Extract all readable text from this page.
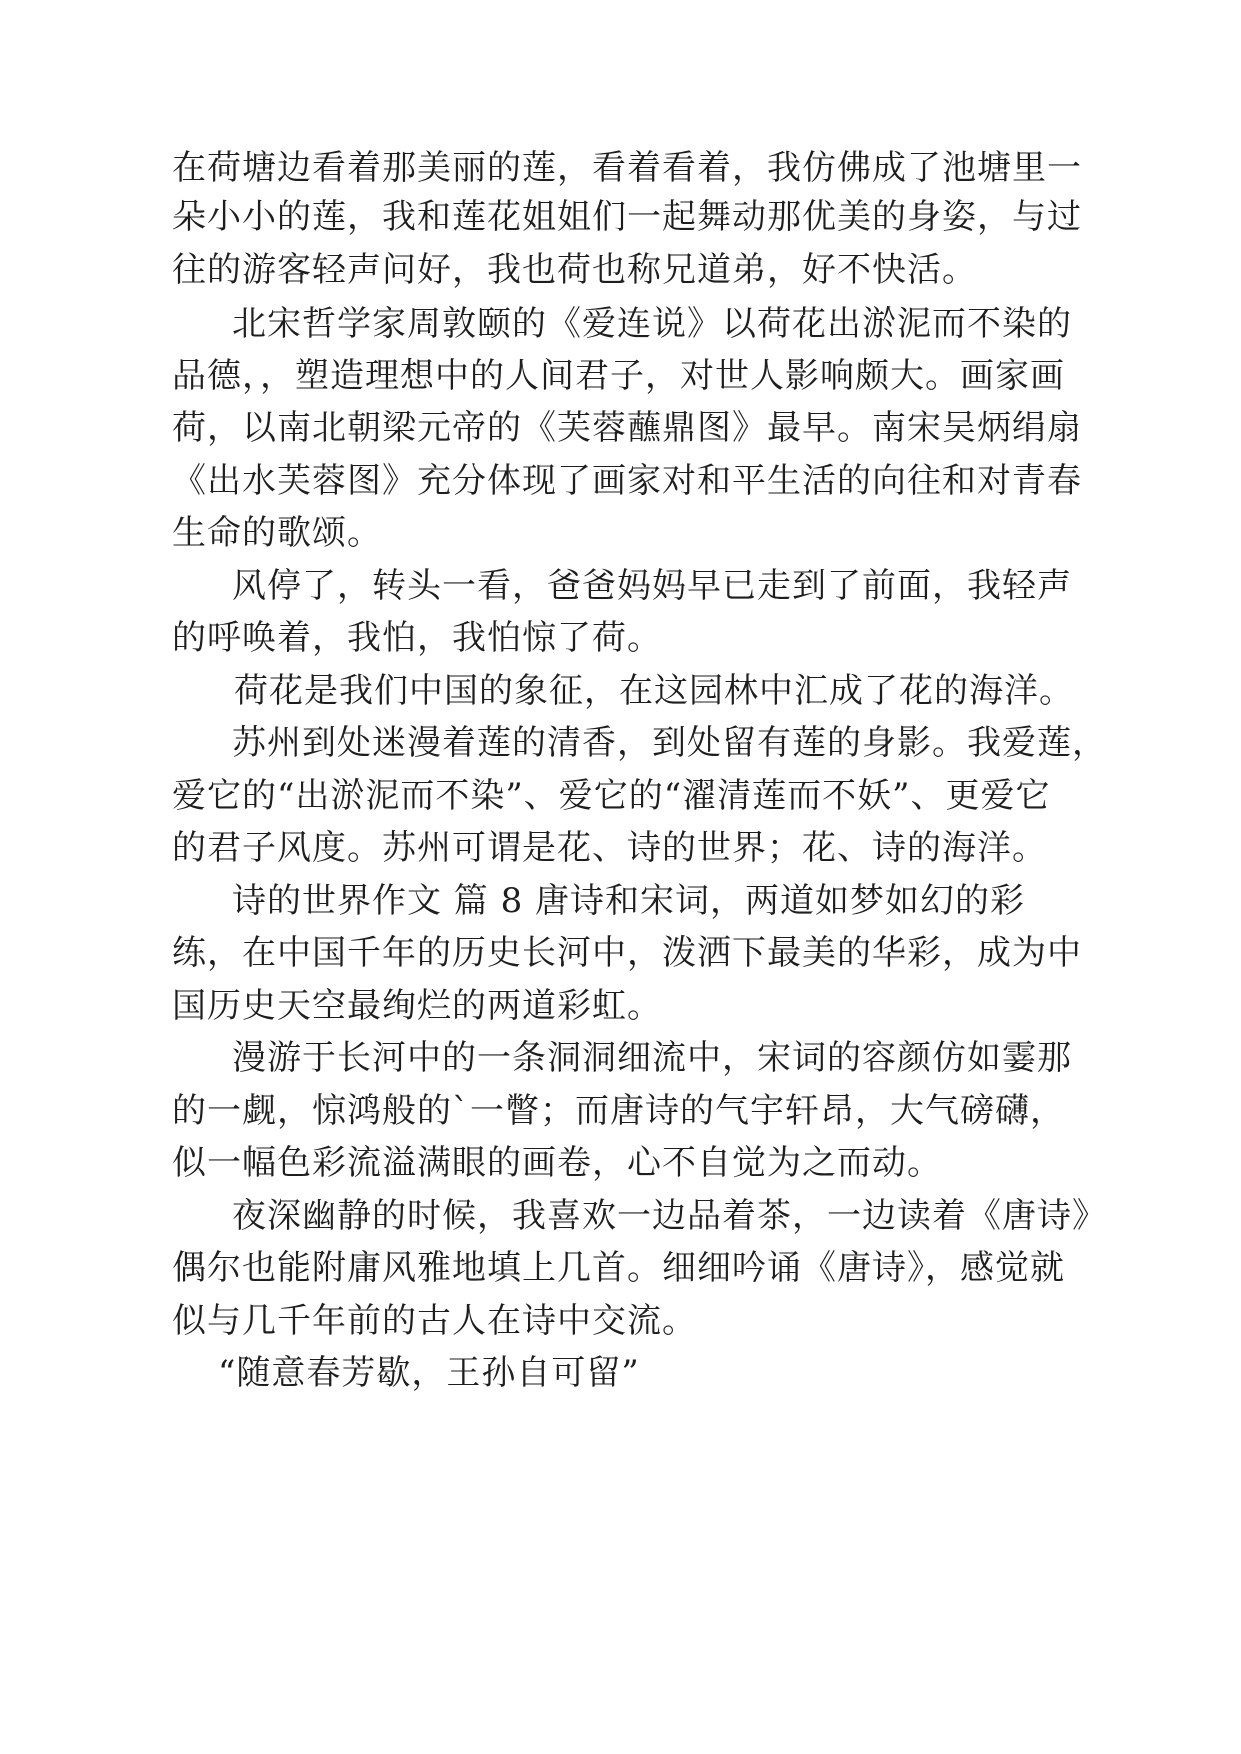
在荷塘边看着那美丽的莲，看着看着，我仿佛成了池塘里一
朵小小的莲，我和莲花姐姐们一起舞动那优美的身姿，与过
往的游客轻声问好，我也荷也称兄道弟，好不快活。
北宋哲学家周敦颐的《爱连说》以荷花出淤泥而不染的
品德，，塑造理想中的人间君子，对世人影响颇大。画家画
荷，以南北朝梁元帝的《芙蓉蘸鼎图》最早。南宋吴炳绢扇
《出水芙蓉图》充分体现了画家对和平生活的向往和对青春
生命的歌颂。
风停了，转头一看，爸爸妈妈早已走到了前面，我轻声
的呼唤着，我怕，我怕惊了荷。
荷花是我们中国的象征，在这园林中汇成了花的海洋。
苏州到处迷漫着莲的清香，到处留有莲的身影。我爱莲，
爱它的“出淤泥而不染”、爱它的“濯清莲而不妖”、更爱它
的君子风度。苏州可谓是花、诗的世界；花、诗的海洋。
诗的世界作文 篇 8 唐诗和宋词，两道如梦如幻的彩
练，在中国千年的历史长河中，泼洒下最美的华彩，成为中
国历史天空最绚烂的两道彩虹。
漫游于长河中的一条洞洞细流中，宋词的容颜仿如霎那
的一觑，惊鸿般的`一瞥；而唐诗的气宇轩昂，大气磅礴，
似一幅色彩流溢满眼的画卷，心不自觉为之而动。
夜深幽静的时候，我喜欢一边品着茶，一边读着《唐诗》
偶尔也能附庸风雅地填上几首。细细吟诵《唐诗》，感觉就
似与几千年前的古人在诗中交流。
“随意春芳歇，王孙自可留”
